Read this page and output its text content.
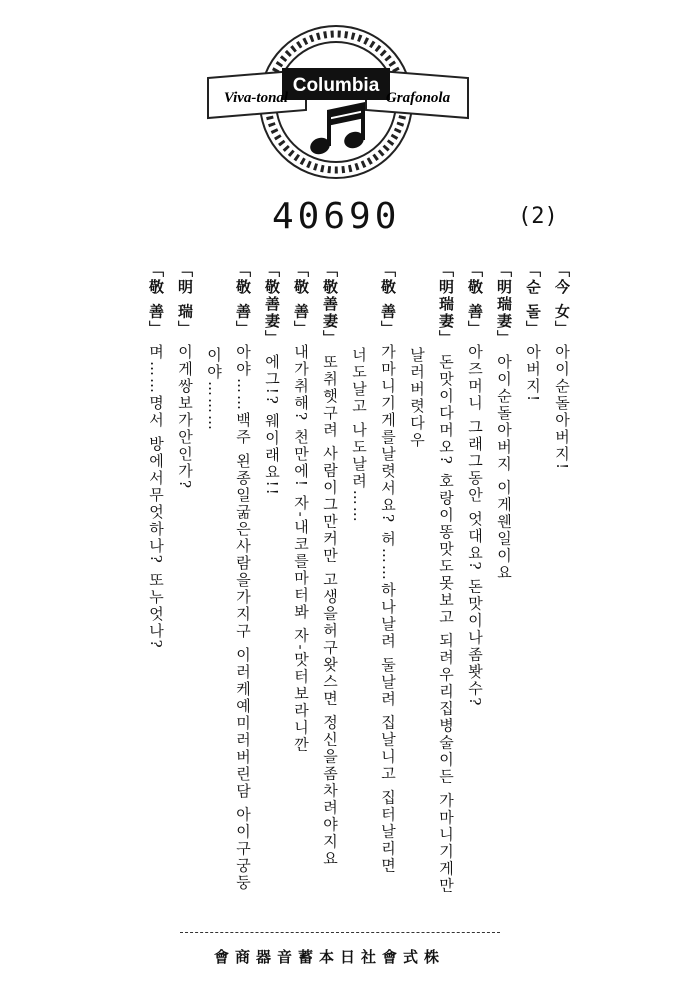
Columbia
Viva-tonal	Grafonola
40690	(2)
「今 女」 아이순돌아버지!
「순 돌」 아버지!
「明瑞妻」 아이순돌아버지 이게웬일이요
「敬 善」 아즈머니 그래그동안 엇대요? 돈맛이나좀봣수?
「明瑞妻」 돈맛이다머오? 호랑이똥맛도못보고 되려우리집병술이든 가마니기게만
　　　　　날러버렷다우
「敬 善」 가마니기게를날렷서요? 허……하나날려 둘날려 집날니고 집터날리면
　　　　　너도날고 나도날려……
「敬善妻」 또취햇구려 사람이그만커만 고생을허구왓스면 정신을좀차려야지요
「敬 善」 내가취해? 천만에! 자-내코를마터봐 자-맛터보라니깐
「敬善妻」 에그!? 웨이래요!!
「敬 善」 아야……백주 왼종일굶은사람을가지구 이러케예미러버린담 아이구궁둥
　　　　　이야………
「明 瑞」 이게쌍보가안인가?
「敬 善」 며……명서 방에서무엇하나? 또누엇나?
會商器音蓄本日社會式株
